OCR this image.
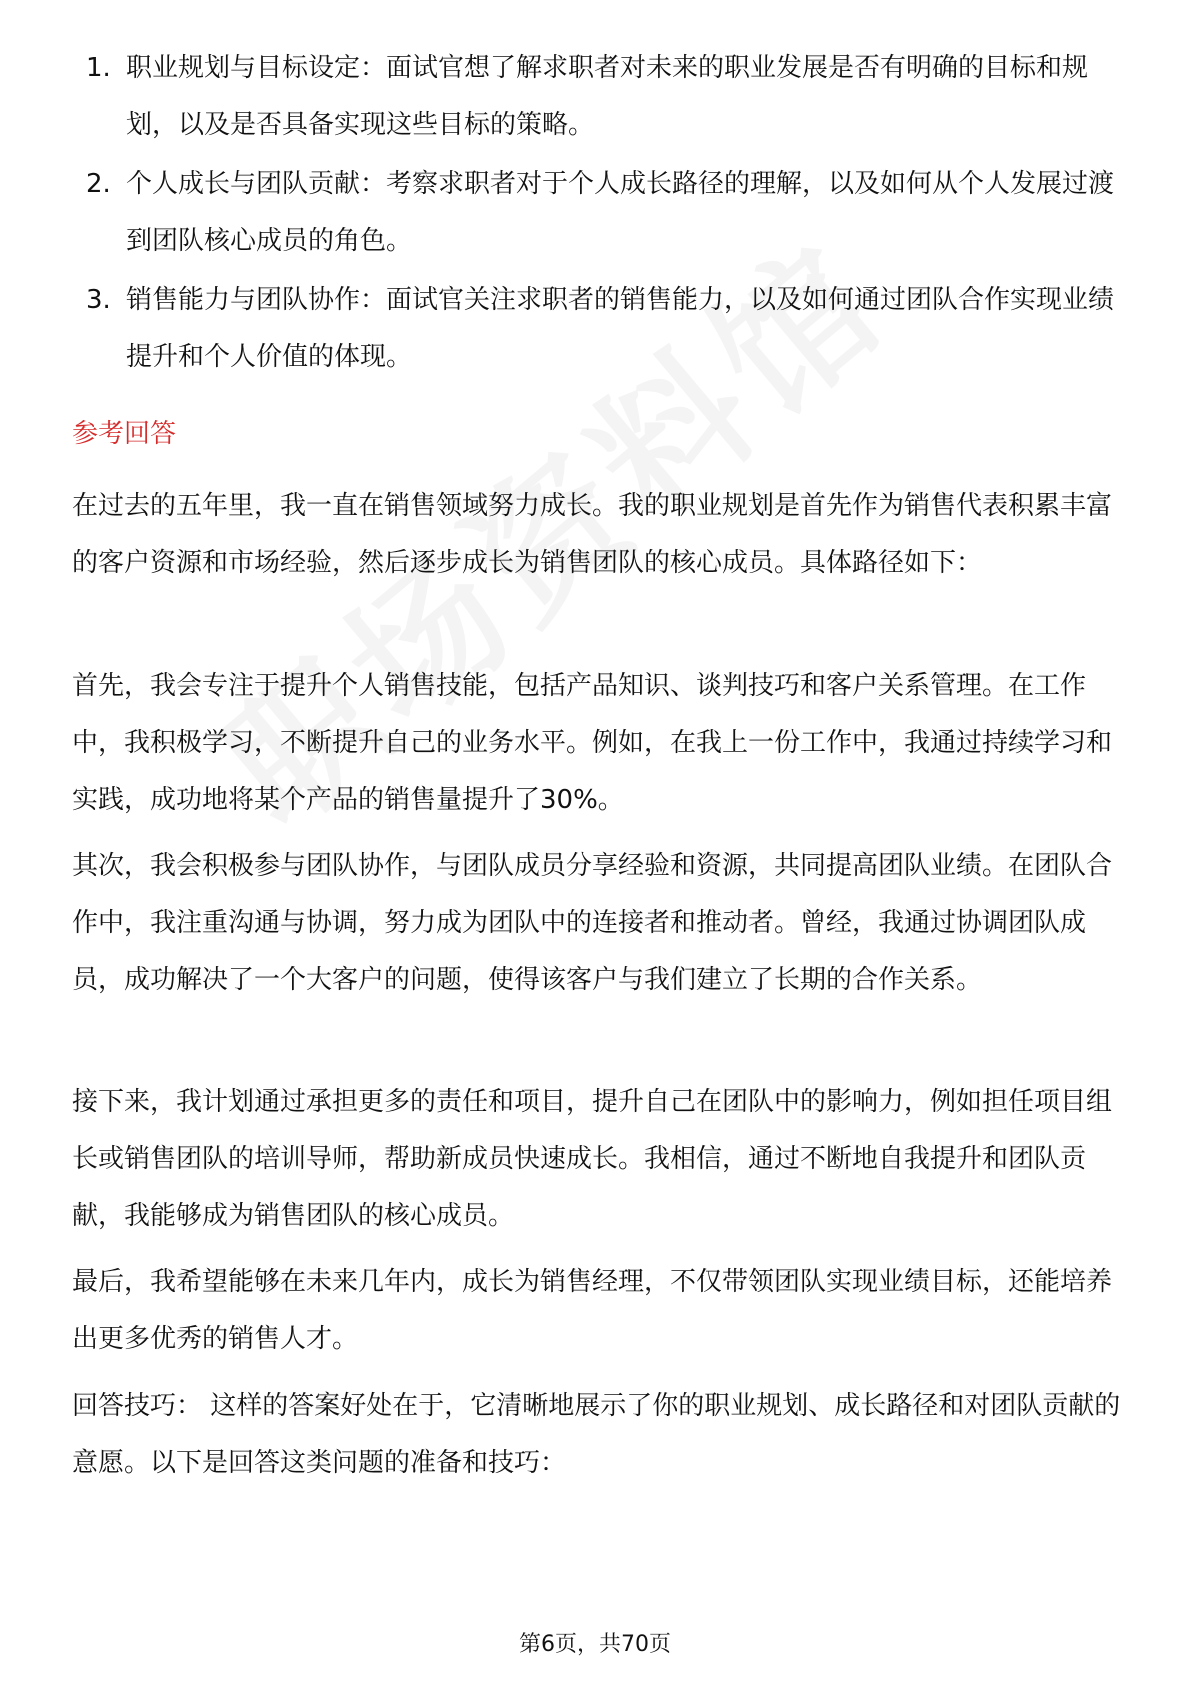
1. 职业规划与目标设定：面试官想了解求职者对未来的职业发展是否有明确的目标和规划，以及是否具备实现这些目标的策略。
2. 个人成长与团队贡献：考察求职者对于个人成长路径的理解，以及如何从个人发展过渡到团队核心成员的角色。
3. 销售能力与团队协作：面试官关注求职者的销售能力，以及如何通过团队合作实现业绩提升和个人价值的体现。
参考回答

在过去的五年里，我一直在销售领域努力成长。我的职业规划是首先作为销售代表积累丰富的客户资源和市场经验，然后逐步成长为销售团队的核心成员。具体路径如下：

首先，我会专注于提升个人销售技能，包括产品知识、谈判技巧和客户关系管理。在工作中，我积极学习，不断提升自己的业务水平。例如，在我上一份工作中，我通过持续学习和实践，成功地将某个产品的销售量提升了30%。

其次，我会积极参与团队协作，与团队成员分享经验和资源，共同提高团队业绩。在团队合作中，我注重沟通与协调，努力成为团队中的连接者和推动者。曾经，我通过协调团队成员，成功解决了一个大客户的问题，使得该客户与我们建立了长期的合作关系。

接下来，我计划通过承担更多的责任和项目，提升自己在团队中的影响力，例如担任项目组长或销售团队的培训导师，帮助新成员快速成长。我相信，通过不断地自我提升和团队贡献，我能够成为销售团队的核心成员。

最后，我希望能够在未来几年内，成长为销售经理，不仅带领团队实现业绩目标，还能培养出更多优秀的销售人才。

回答技巧： 这样的答案好处在于，它清晰地展示了你的职业规划、成长路径和对团队贡献的意愿。以下是回答这类问题的准备和技巧：

第6页，共70页
